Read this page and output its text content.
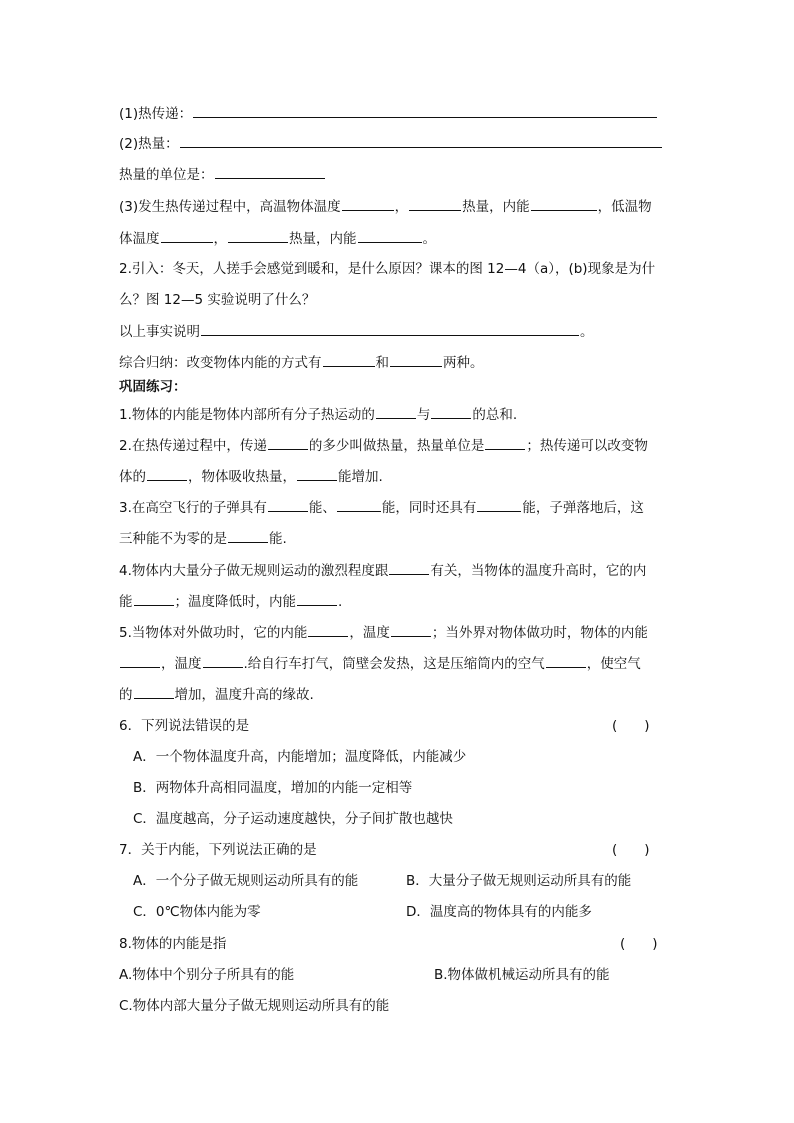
(1)热传递：
(2)热量：
热量的单位是：
(3)发生热传递过程中，高温物体温度	，	热量，内能	，低温物
体温度	，	热量，内能	。
2.引入：冬天，人搓手会感觉到暖和，是什么原因？课本的图 12—4（a），(b)现象是为什
么？图 12—5 实验说明了什么？
以上事实说明	。
综合归纳：改变物体内能的方式有	和	两种。
巩固练习：
1.物体的内能是物体内部所有分子热运动的	与	的总和.
2.在热传递过程中，传递	的多少叫做热量，热量单位是	；热传递可以改变物
体的	，物体吸收热量，	能增加.
3.在高空飞行的子弹具有	能、	能，同时还具有	能，子弹落地后，这
三种能不为零的是	能.
4.物体内大量分子做无规则运动的激烈程度跟	有关，当物体的温度升高时，它的内
能	；温度降低时，内能	.
5.当物体对外做功时，它的内能	，温度	；当外界对物体做功时，物体的内能
，温度	.给自行车打气，筒壁会发热，这是压缩筒内的空气	，使空气
的	增加，温度升高的缘故.
6．下列说法错误的是	(　　)
A．一个物体温度升高，内能增加；温度降低，内能减少
B．两物体升高相同温度，增加的内能一定相等
C．温度越高，分子运动速度越快，分子间扩散也越快
7．关于内能，下列说法正确的是	(　　)
A．一个分子做无规则运动所具有的能	B．大量分子做无规则运动所具有的能
C．0℃物体内能为零	D．温度高的物体具有的内能多
8.物体的内能是指	(　　)
A.物体中个别分子所具有的能	B.物体做机械运动所具有的能
C.物体内部大量分子做无规则运动所具有的能
